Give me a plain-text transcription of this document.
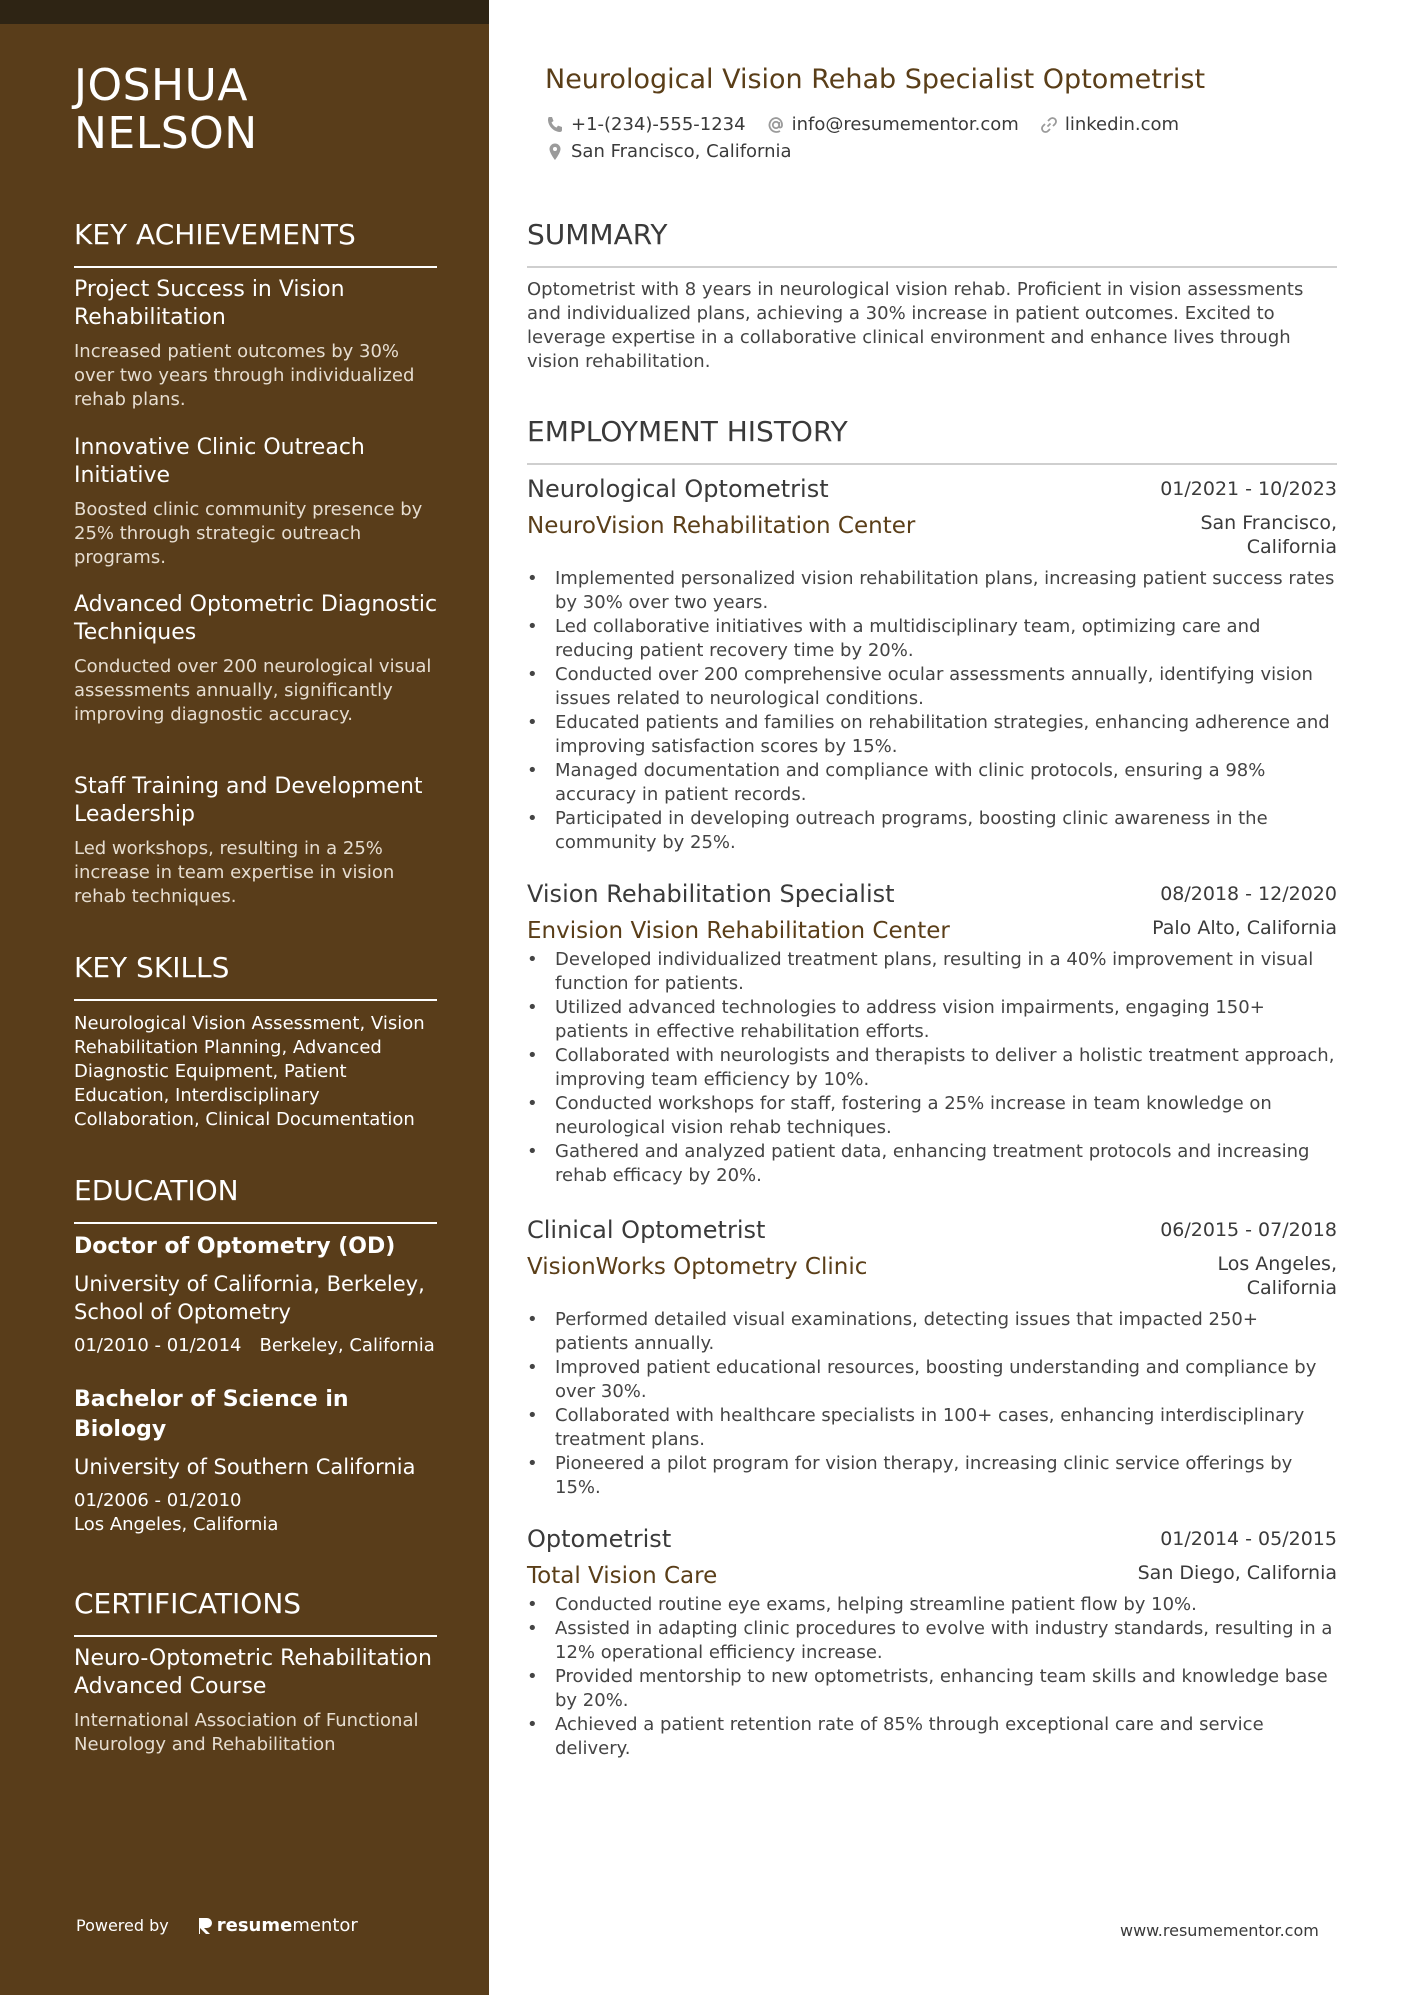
JOSHUA NELSON
KEY ACHIEVEMENTS
Project Success in Vision Rehabilitation
Increased patient outcomes by 30% over two years through individualized rehab plans.
Innovative Clinic Outreach Initiative
Boosted clinic community presence by 25% through strategic outreach programs.
Advanced Optometric Diagnostic Techniques
Conducted over 200 neurological visual assessments annually, significantly improving diagnostic accuracy.
Staff Training and Development Leadership
Led workshops, resulting in a 25% increase in team expertise in vision rehab techniques.
KEY SKILLS
Neurological Vision Assessment, Vision Rehabilitation Planning, Advanced Diagnostic Equipment, Patient Education, Interdisciplinary Collaboration, Clinical Documentation
EDUCATION
Doctor of Optometry (OD)
University of California, Berkeley, School of Optometry
01/2010 - 01/2014 Berkeley, California
Bachelor of Science in Biology
University of Southern California
01/2006 - 01/2010
Los Angeles, California
CERTIFICATIONS
Neuro-Optometric Rehabilitation Advanced Course
International Association of Functional Neurology and Rehabilitation
Powered by	resume mentor
Neurological Vision Rehab Specialist Optometrist
+1-(234)-555-1234	info@resumementor.com	linkedin.com
San Francisco, California
SUMMARY
Optometrist with 8 years in neurological vision rehab. Proficient in vision assessments and individualized plans, achieving a 30% increase in patient outcomes. Excited to leverage expertise in a collaborative clinical environment and enhance lives through vision rehabilitation.
EMPLOYMENT HISTORY
Neurological Optometrist	01/2021 - 10/2023
NeuroVision Rehabilitation Center	San Francisco, California
• Implemented personalized vision rehabilitation plans, increasing patient success rates by 30% over two years.
• Led collaborative initiatives with a multidisciplinary team, optimizing care and reducing patient recovery time by 20%.
• Conducted over 200 comprehensive ocular assessments annually, identifying vision issues related to neurological conditions.
• Educated patients and families on rehabilitation strategies, enhancing adherence and improving satisfaction scores by 15%.
• Managed documentation and compliance with clinic protocols, ensuring a 98% accuracy in patient records.
• Participated in developing outreach programs, boosting clinic awareness in the community by 25%.
Vision Rehabilitation Specialist	08/2018 - 12/2020
Envision Vision Rehabilitation Center	Palo Alto, California
• Developed individualized treatment plans, resulting in a 40% improvement in visual function for patients.
• Utilized advanced technologies to address vision impairments, engaging 150+ patients in effective rehabilitation efforts.
• Collaborated with neurologists and therapists to deliver a holistic treatment approach, improving team efficiency by 10%.
• Conducted workshops for staff, fostering a 25% increase in team knowledge on neurological vision rehab techniques.
• Gathered and analyzed patient data, enhancing treatment protocols and increasing rehab efficacy by 20%.
Clinical Optometrist	06/2015 - 07/2018
VisionWorks Optometry Clinic	Los Angeles, California
• Performed detailed visual examinations, detecting issues that impacted 250+ patients annually.
• Improved patient educational resources, boosting understanding and compliance by over 30%.
• Collaborated with healthcare specialists in 100+ cases, enhancing interdisciplinary treatment plans.
• Pioneered a pilot program for vision therapy, increasing clinic service offerings by 15%.
Optometrist	01/2014 - 05/2015
Total Vision Care	San Diego, California
• Conducted routine eye exams, helping streamline patient flow by 10%.
• Assisted in adapting clinic procedures to evolve with industry standards, resulting in a 12% operational efficiency increase.
• Provided mentorship to new optometrists, enhancing team skills and knowledge base by 20%.
• Achieved a patient retention rate of 85% through exceptional care and service delivery.
www.resumementor.com
